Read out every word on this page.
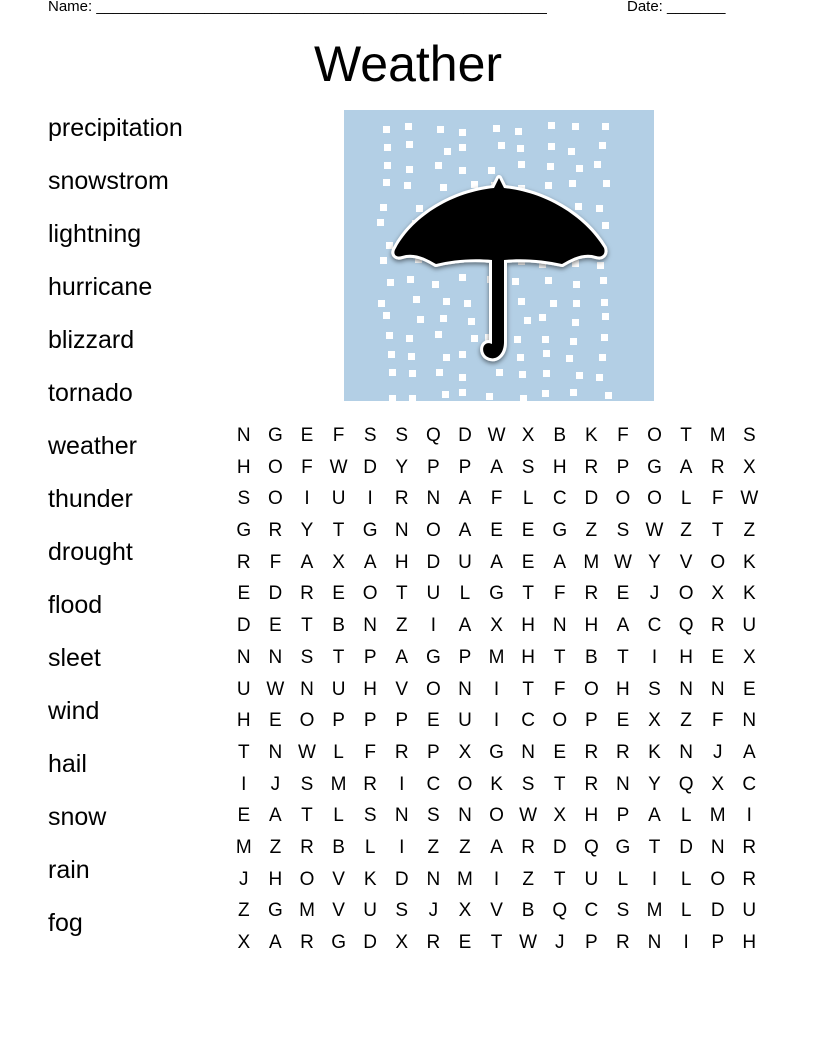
Name: ______________________________________________________	Date: _______
Weather
precipitation
snowstrom
lightning
hurricane
blizzard
tornado
weather
thunder
drought
flood
sleet
wind
hail
snow
rain
fog
N G E	F	S S Q D W X B K	F O T M S
H O F W D Y P P A S H R P G A R X
S O	I	U	I	R N A	F	L	C D O O L	F W
G R Y	T G N O A E E G Z	S W Z	T	Z
R F	A X A H D U A E A M W Y V O K
E D R E O T U	L G T	F R E	J	O X K
D E	T	B N Z	I	A X H N H A C Q R U
N N S	T	P A G P M H T	B	T	I	H E X
U W N U H V O N	I	T	F O H S N N E
H E O P P P E U	I	C O P E X	Z	F N
T N W L	F R P X G N E R R K N	J	A
I	J	S M R	I	C O K S	T R N Y Q X C
E A	T	L	S N S N O W X H P A	L M	I
M Z R B	L	I	Z	Z	A R D Q G T D N R
J	H O V K D N M	I	Z	T U	L	I	L O R
Z G M V U S	J	X V B Q C S M L	D U
X A R G D X R E	T W J	P R N	I	P H
